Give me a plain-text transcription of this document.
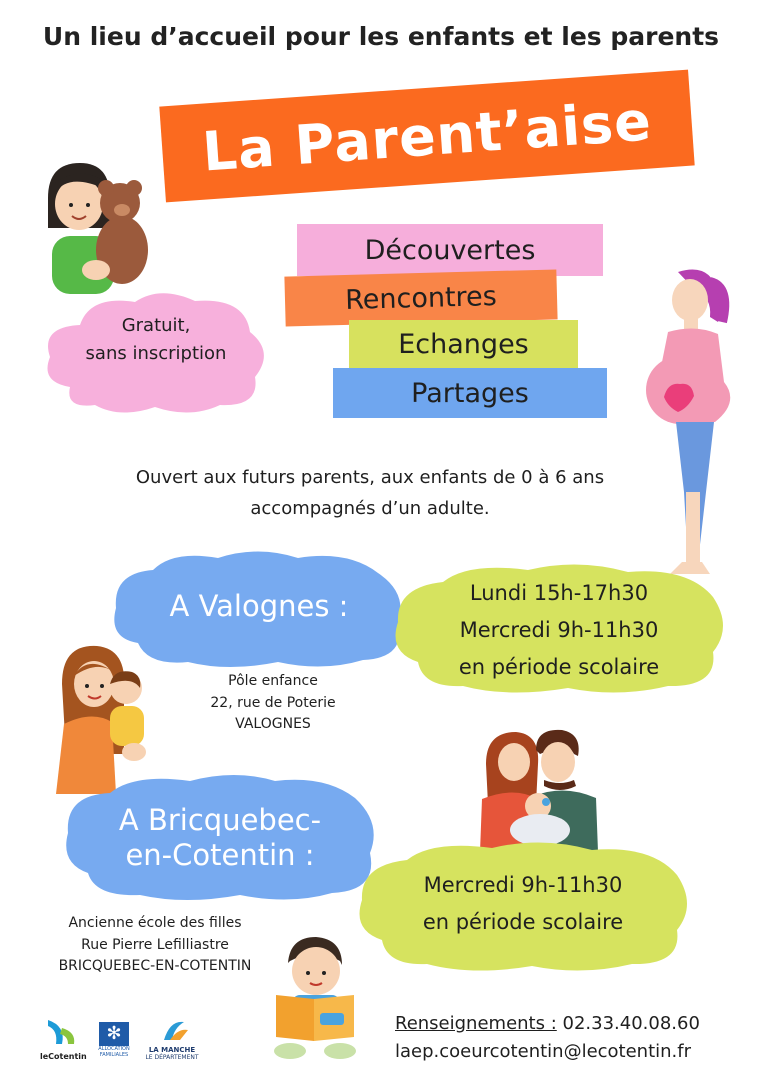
Un lieu d’accueil pour les enfants et les parents
La Parent’aise
Gratuit,
sans inscription
Découvertes
Rencontres
Echanges
Partages
Ouvert aux futurs parents, aux enfants de 0 à 6 ans
accompagnés d’un adulte.
A Valognes :	Lundi 15h-17h30
Mercredi 9h-11h30
en période scolaire
Pôle enfance
22, rue de Poterie
VALOGNES
A Bricquebec-
en-Cotentin :
Mercredi 9h-11h30
en période scolaire
Ancienne école des filles
Rue Pierre Lefilliastre
BRICQUEBEC-EN-COTENTIN
Renseignements : 02.33.40.08.60
laep.coeurcotentin@lecotentin.fr
leCotentin
✻
ALLOCATION FAMILIALES
LA MANCHE
LE DÉPARTEMENT
